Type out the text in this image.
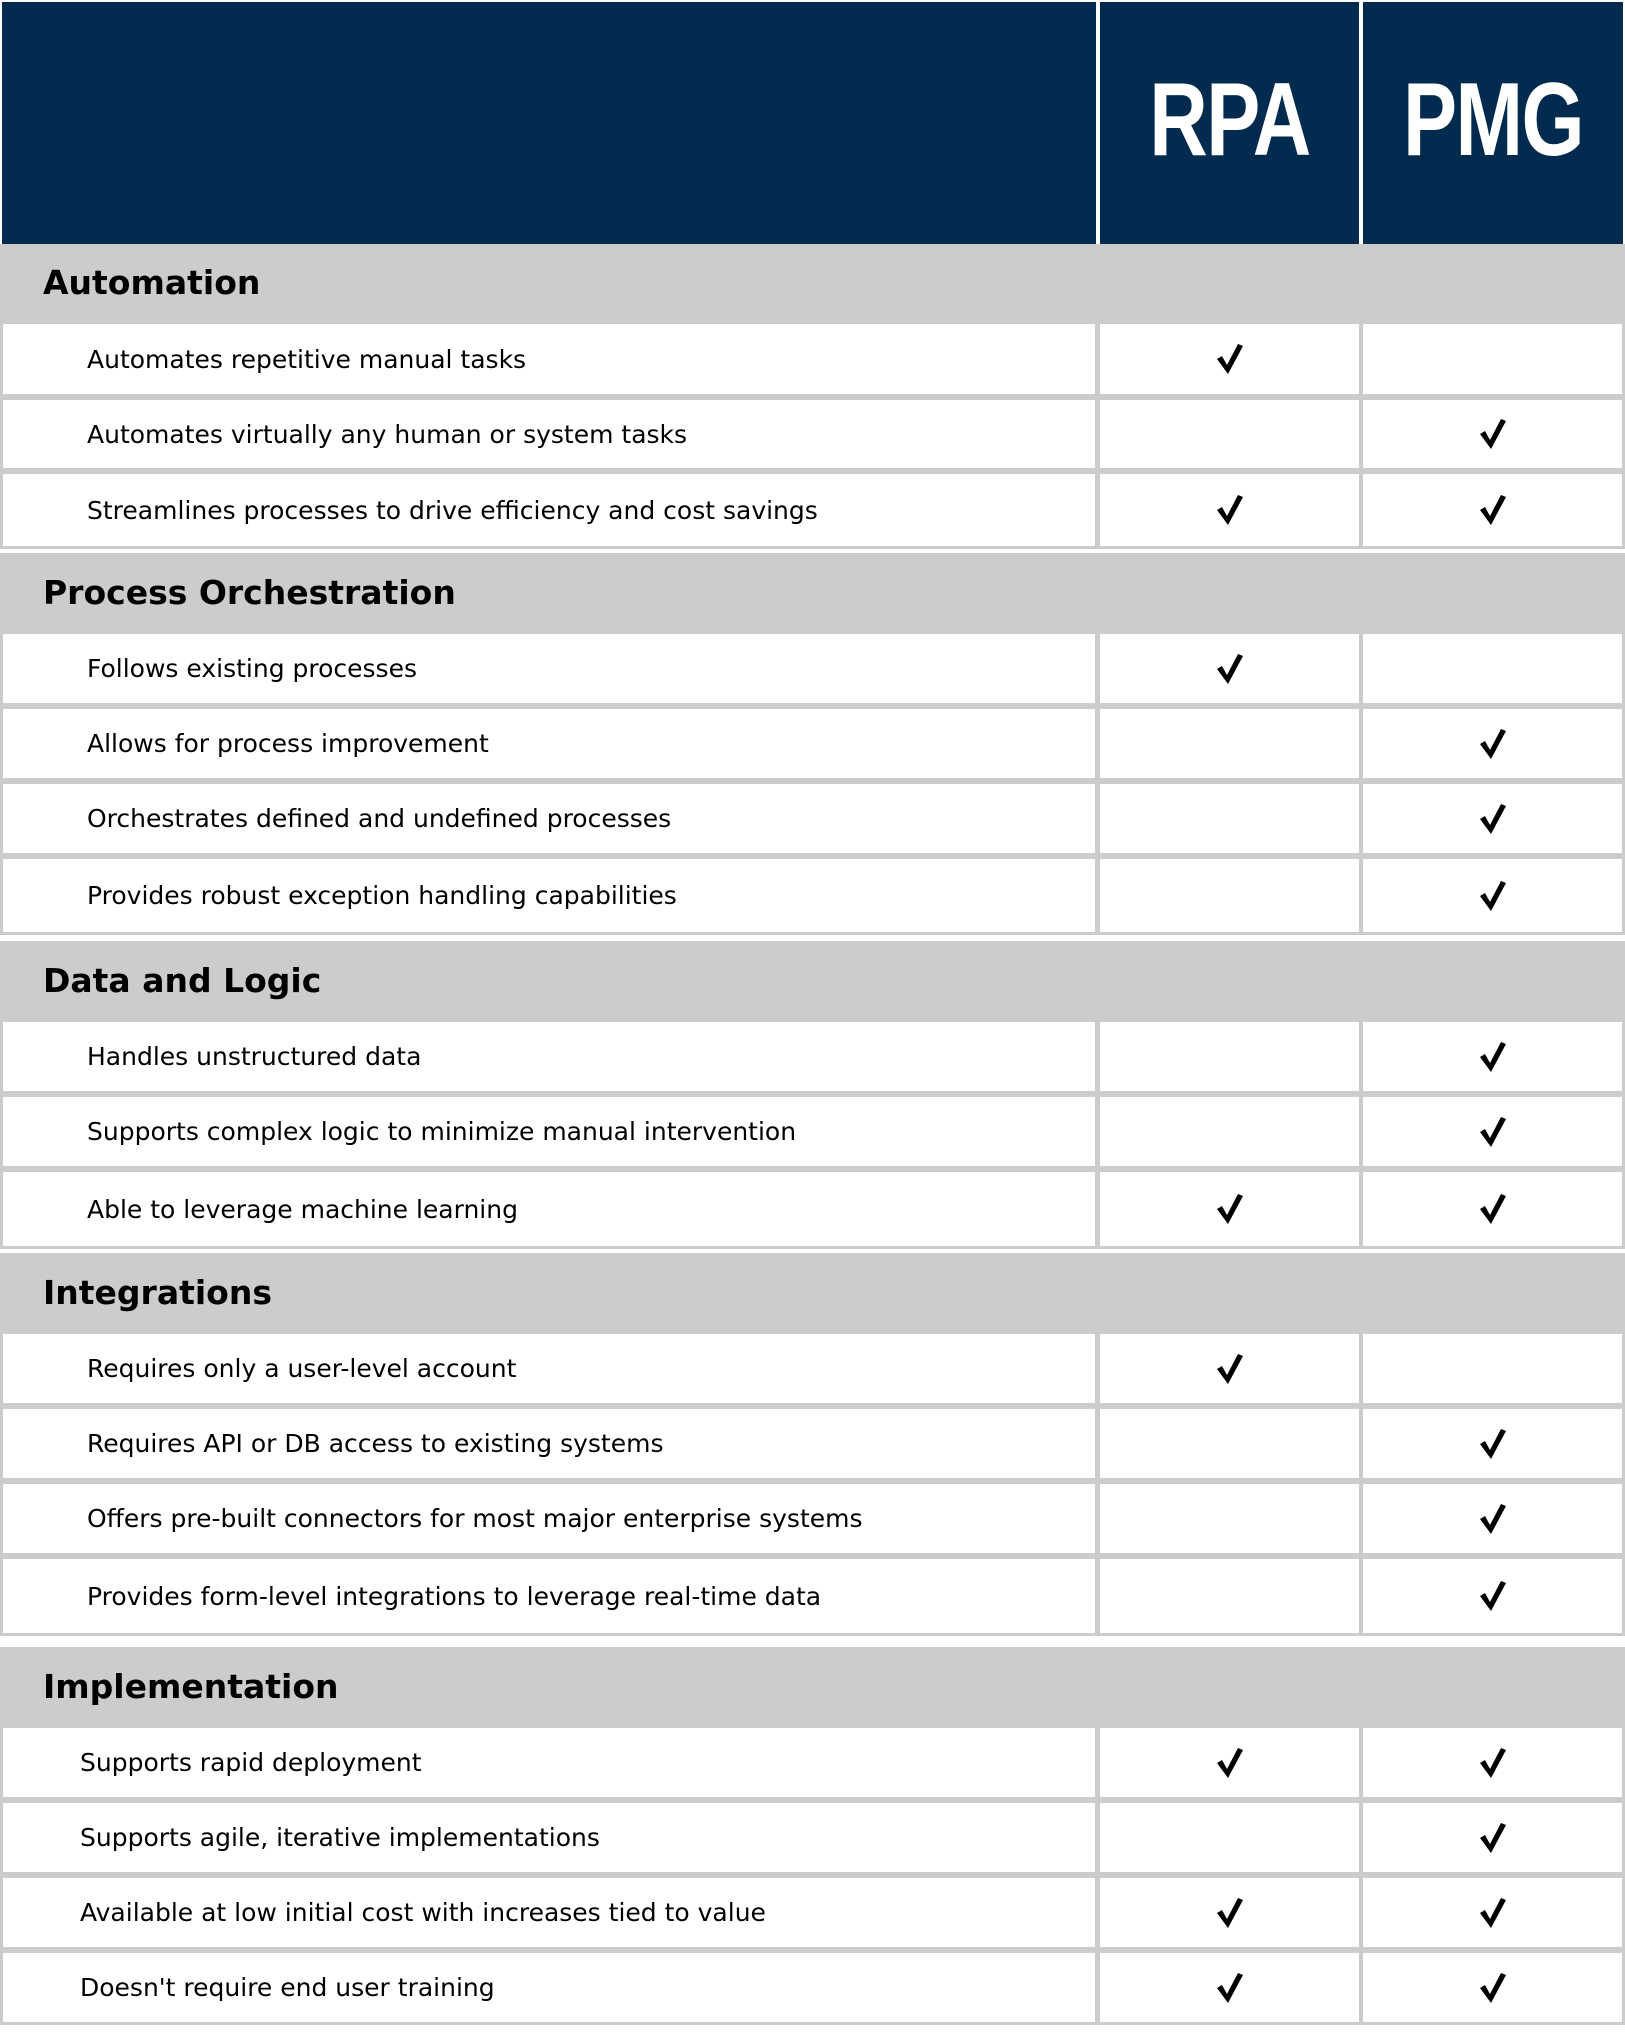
RPA PMG
Automation
Automates repetitive manual tasks
Automates virtually any human or system tasks
Streamlines processes to drive efficiency and cost savings
Process Orchestration
Follows existing processes
Allows for process improvement
Orchestrates defined and undefined processes
Provides robust exception handling capabilities
Data and Logic
Handles unstructured data
Supports complex logic to minimize manual intervention
Able to leverage machine learning
Integrations
Requires only a user-level account
Requires API or DB access to existing systems
Offers pre-built connectors for most major enterprise systems
Provides form-level integrations to leverage real-time data
Implementation
Supports rapid deployment
Supports agile, iterative implementations
Available at low initial cost with increases tied to value
Doesn't require end user training
